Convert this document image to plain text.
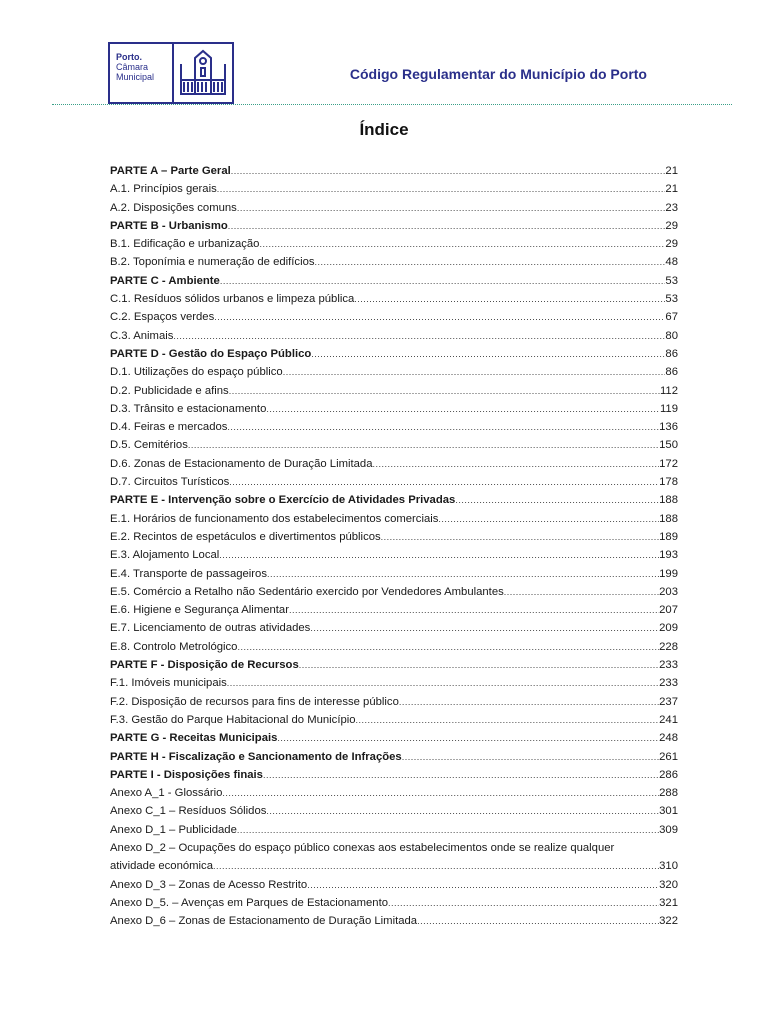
Porto.
Câmara
Municipal	Código Regulamentar do Município do Porto
Índice
PARTE A – Parte Geral .....	21
A.1. Princípios gerais .....	21
A.2. Disposições comuns .....	23
PARTE B - Urbanismo .....	29
B.1. Edificação e urbanização .....	29
B.2. Toponímia e numeração de edifícios .....	48
PARTE C - Ambiente .....	53
C.1. Resíduos sólidos urbanos e limpeza pública .....	53
C.2. Espaços verdes .....	67
C.3. Animais .....	80
PARTE D - Gestão do Espaço Público .....	86
D.1. Utilizações do espaço público .....	86
D.2. Publicidade e afins .....	112
D.3. Trânsito e estacionamento .....	119
D.4. Feiras e mercados .....	136
D.5. Cemitérios .....	150
D.6. Zonas de Estacionamento de Duração Limitada .....	172
D.7. Circuitos Turísticos .....	178
PARTE E - Intervenção sobre o Exercício de Atividades Privadas .....	188
E.1. Horários de funcionamento dos estabelecimentos comerciais .....	188
E.2. Recintos de espetáculos e divertimentos públicos .....	189
E.3. Alojamento Local .....	193
E.4. Transporte de passageiros .....	199
E.5. Comércio a Retalho não Sedentário exercido por Vendedores Ambulantes .....	203
E.6. Higiene e Segurança Alimentar .....	207
E.7. Licenciamento de outras atividades .....	209
E.8. Controlo Metrológico .....	228
PARTE F - Disposição de Recursos .....	233
F.1. Imóveis municipais .....	233
F.2. Disposição de recursos para fins de interesse público .....	237
F.3. Gestão do Parque Habitacional do Município .....	241
PARTE G - Receitas Municipais .....	248
PARTE H - Fiscalização e Sancionamento de Infrações .....	261
PARTE I - Disposições finais .....	286
Anexo A_1 - Glossário .....	288
Anexo C_1 – Resíduos Sólidos .....	301
Anexo D_1 – Publicidade .....	309
Anexo D_2 – Ocupações do espaço público conexas aos estabelecimentos onde se realize qualquer
atividade económica .....	310
Anexo D_3 – Zonas de Acesso Restrito .....	320
Anexo D_5. – Avenças em Parques de Estacionamento .....	321
Anexo D_6 – Zonas de Estacionamento de Duração Limitada .....	322
